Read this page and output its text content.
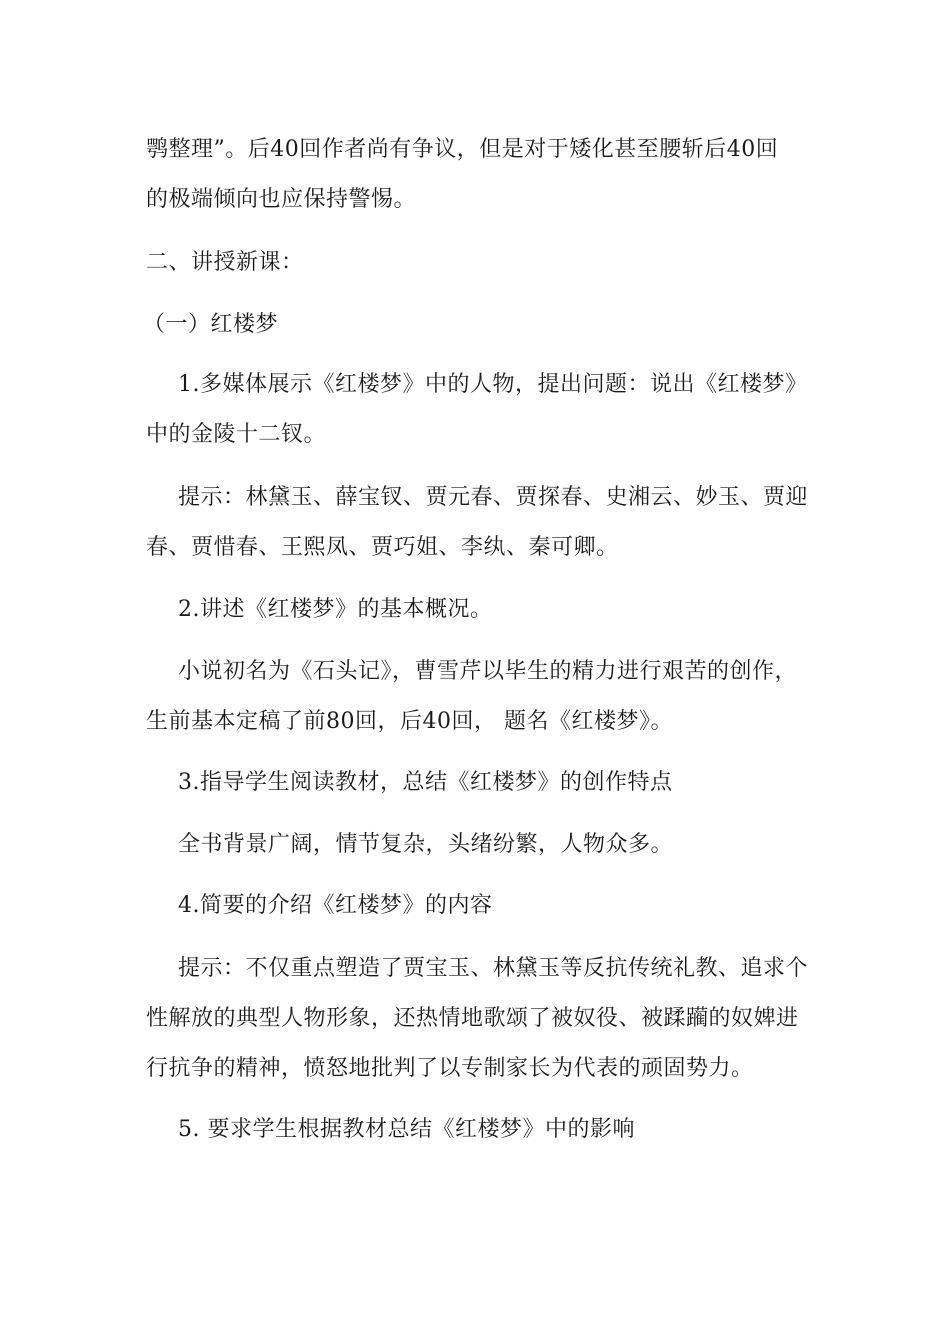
鹗整理”。后40回作者尚有争议，但是对于矮化甚至腰斩后40回
的极端倾向也应保持警惕。
二、讲授新课：
（一）红楼梦
1.多媒体展示《红楼梦》中的人物，提出问题：说出《红楼梦》
中的金陵十二钗。
提示：林黛玉、薛宝钗、贾元春、贾探春、史湘云、妙玉、贾迎
春、贾惜春、王熙凤、贾巧姐、李纨、秦可卿。
2.讲述《红楼梦》的基本概况。
小说初名为《石头记》，曹雪芹以毕生的精力进行艰苦的创作，
生前基本定稿了前80回，后40回， 题名《红楼梦》。
3.指导学生阅读教材，总结《红楼梦》的创作特点
全书背景广阔，情节复杂，头绪纷繁，人物众多。
4.简要的介绍《红楼梦》的内容
提示：不仅重点塑造了贾宝玉、林黛玉等反抗传统礼教、追求个
性解放的典型人物形象，还热情地歌颂了被奴役、被蹂躏的奴婢进
行抗争的精神，愤怒地批判了以专制家长为代表的顽固势力。
5. 要求学生根据教材总结《红楼梦》中的影响
